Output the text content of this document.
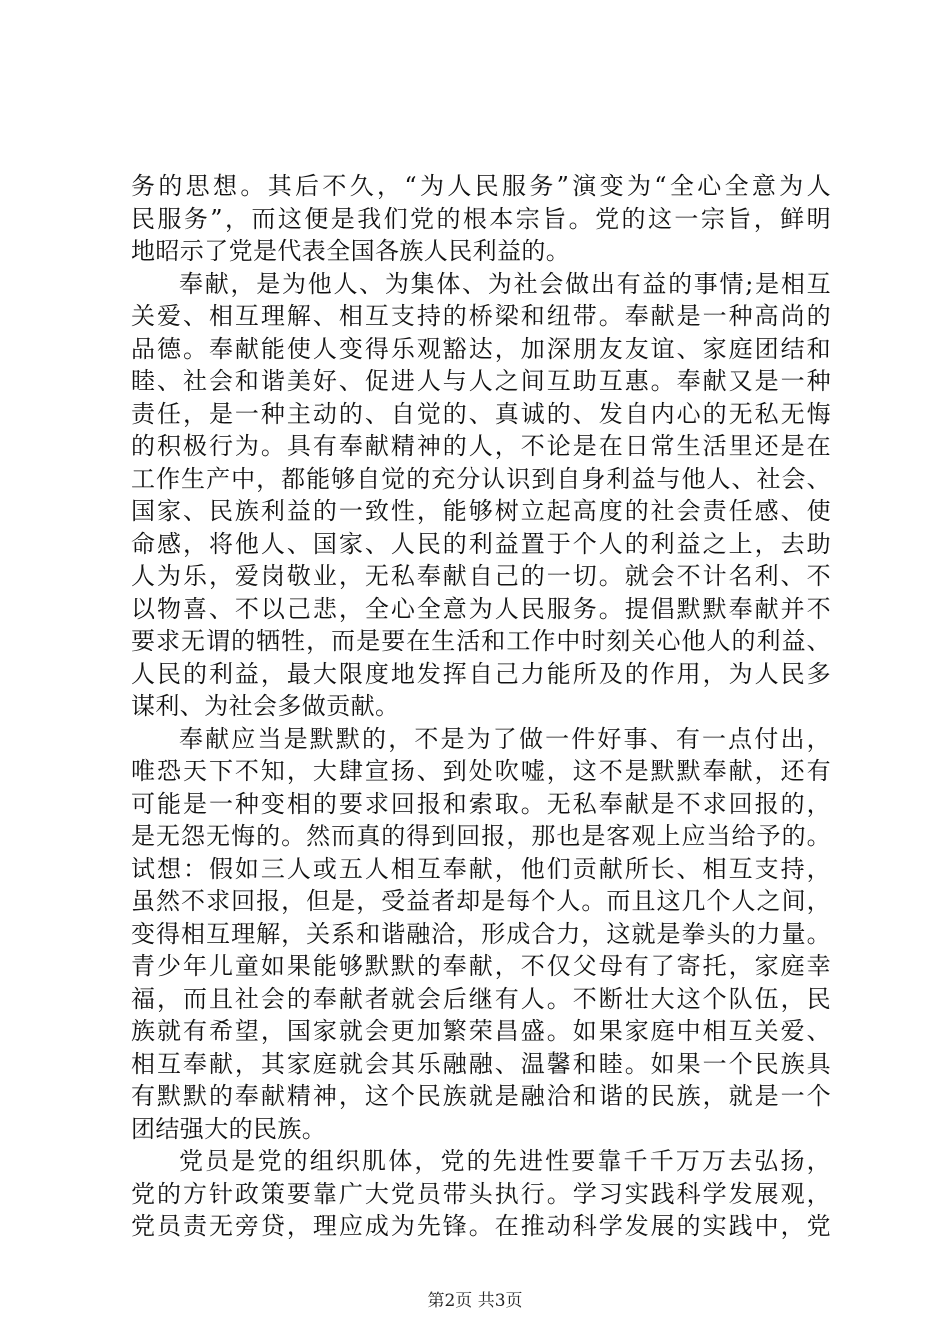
务的思想。其后不久，“为人民服务”演变为“全心全意为人
民服务”，而这便是我们党的根本宗旨。党的这一宗旨，鲜明
地昭示了党是代表全国各族人民利益的。
奉献，是为他人、为集体、为社会做出有益的事情;是相互
关爱、相互理解、相互支持的桥梁和纽带。奉献是一种高尚的
品德。奉献能使人变得乐观豁达，加深朋友友谊、家庭团结和
睦、社会和谐美好、促进人与人之间互助互惠。奉献又是一种
责任，是一种主动的、自觉的、真诚的、发自内心的无私无悔
的积极行为。具有奉献精神的人，不论是在日常生活里还是在
工作生产中，都能够自觉的充分认识到自身利益与他人、社会、
国家、民族利益的一致性，能够树立起高度的社会责任感、使
命感，将他人、国家、人民的利益置于个人的利益之上，去助
人为乐，爱岗敬业，无私奉献自己的一切。就会不计名利、不
以物喜、不以己悲，全心全意为人民服务。提倡默默奉献并不
要求无谓的牺牲，而是要在生活和工作中时刻关心他人的利益、
人民的利益，最大限度地发挥自己力能所及的作用，为人民多
谋利、为社会多做贡献。
奉献应当是默默的，不是为了做一件好事、有一点付出，
唯恐天下不知，大肆宣扬、到处吹嘘，这不是默默奉献，还有
可能是一种变相的要求回报和索取。无私奉献是不求回报的，
是无怨无悔的。然而真的得到回报，那也是客观上应当给予的。
试想：假如三人或五人相互奉献，他们贡献所长、相互支持，
虽然不求回报，但是，受益者却是每个人。而且这几个人之间，
变得相互理解，关系和谐融洽，形成合力，这就是拳头的力量。
青少年儿童如果能够默默的奉献，不仅父母有了寄托，家庭幸
福，而且社会的奉献者就会后继有人。不断壮大这个队伍，民
族就有希望，国家就会更加繁荣昌盛。如果家庭中相互关爱、
相互奉献，其家庭就会其乐融融、温馨和睦。如果一个民族具
有默默的奉献精神，这个民族就是融洽和谐的民族，就是一个
团结强大的民族。
党员是党的组织肌体，党的先进性要靠千千万万去弘扬，
党的方针政策要靠广大党员带头执行。学习实践科学发展观，
党员责无旁贷，理应成为先锋。在推动科学发展的实践中，党
第2页 共3页
